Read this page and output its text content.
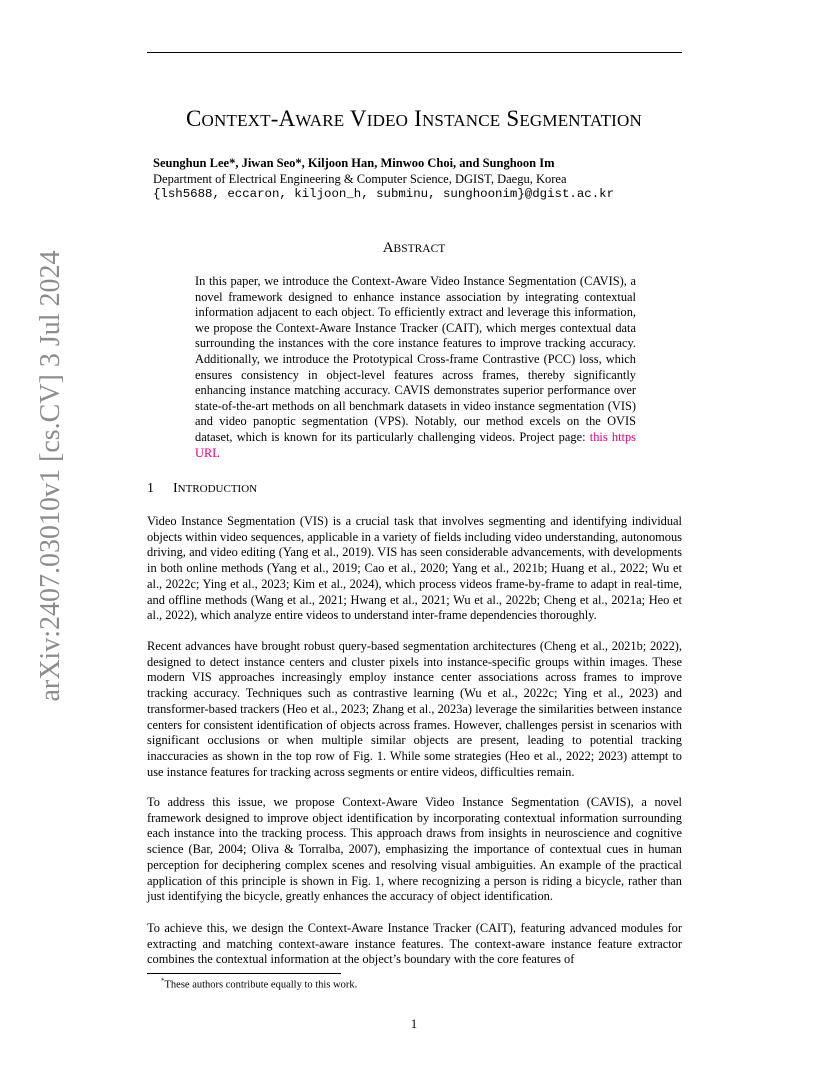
CONTEXT-AWARE VIDEO INSTANCE SEGMENTATION
Seunghun Lee*, Jiwan Seo*, Kiljoon Han, Minwoo Choi, and Sunghoon Im
Department of Electrical Engineering & Computer Science, DGIST, Daegu, Korea
{lsh5688, eccaron, kiljoon_h, subminu, sunghoonim}@dgist.ac.kr
arXiv:2407.03010v1 [cs.CV] 3 Jul 2024
ABSTRACT
In this paper, we introduce the Context-Aware Video Instance Segmentation (CAVIS), a novel framework designed to enhance instance association by integrating contextual information adjacent to each object. To efficiently extract and leverage this information, we propose the Context-Aware Instance Tracker (CAIT), which merges contextual data surrounding the instances with the core instance features to improve tracking accuracy. Additionally, we introduce the Prototypical Cross-frame Contrastive (PCC) loss, which ensures consistency in object-level features across frames, thereby significantly enhancing instance matching accuracy. CAVIS demonstrates superior performance over state-of-the-art methods on all benchmark datasets in video instance segmentation (VIS) and video panoptic segmentation (VPS). Notably, our method excels on the OVIS dataset, which is known for its particularly challenging videos. Project page: this https URL
1 INTRODUCTION

Video Instance Segmentation (VIS) is a crucial task that involves segmenting and identifying individual objects within video sequences, applicable in a variety of fields including video understanding, autonomous driving, and video editing (Yang et al., 2019). VIS has seen considerable advancements, with developments in both online methods (Yang et al., 2019; Cao et al., 2020; Yang et al., 2021b; Huang et al., 2022; Wu et al., 2022c; Ying et al., 2023; Kim et al., 2024), which process videos frame-by-frame to adapt in real-time, and offline methods (Wang et al., 2021; Hwang et al., 2021; Wu et al., 2022b; Cheng et al., 2021a; Heo et al., 2022), which analyze entire videos to understand inter-frame dependencies thoroughly.

Recent advances have brought robust query-based segmentation architectures (Cheng et al., 2021b; 2022), designed to detect instance centers and cluster pixels into instance-specific groups within images. These modern VIS approaches increasingly employ instance center associations across frames to improve tracking accuracy. Techniques such as contrastive learning (Wu et al., 2022c; Ying et al., 2023) and transformer-based trackers (Heo et al., 2023; Zhang et al., 2023a) leverage the similarities between instance centers for consistent identification of objects across frames. However, challenges persist in scenarios with significant occlusions or when multiple similar objects are present, leading to potential tracking inaccuracies as shown in the top row of Fig. 1. While some strategies (Heo et al., 2022; 2023) attempt to use instance features for tracking across segments or entire videos, difficulties remain.

To address this issue, we propose Context-Aware Video Instance Segmentation (CAVIS), a novel framework designed to improve object identification by incorporating contextual information surrounding each instance into the tracking process. This approach draws from insights in neuroscience and cognitive science (Bar, 2004; Oliva & Torralba, 2007), emphasizing the importance of contextual cues in human perception for deciphering complex scenes and resolving visual ambiguities. An example of the practical application of this principle is shown in Fig. 1, where recognizing a person is riding a bicycle, rather than just identifying the bicycle, greatly enhances the accuracy of object identification.

To achieve this, we design the Context-Aware Instance Tracker (CAIT), featuring advanced modules for extracting and matching context-aware instance features. The context-aware instance feature extractor combines the contextual information at the object’s boundary with the core features of

*These authors contribute equally to this work.
1
